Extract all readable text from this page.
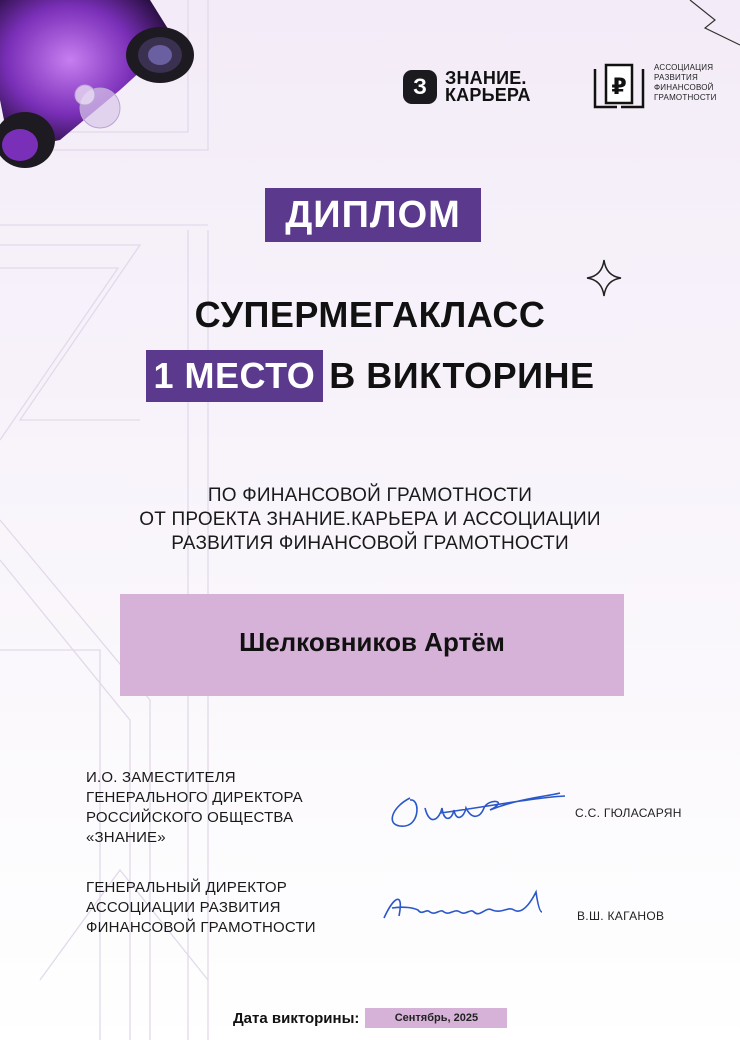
З	ЗНАНИЕ.
КАРЬЕРА	₽
АССОЦИАЦИЯ
РАЗВИТИЯ
ФИНАНСОВОЙ
ГРАМОТНОСТИ
ДИПЛОМ
СУПЕРМЕГАКЛАСС
1 МЕСТО В ВИКТОРИНЕ
ПО ФИНАНСОВОЙ ГРАМОТНОСТИ
ОТ ПРОЕКТА ЗНАНИЕ.КАРЬЕРА И АССОЦИАЦИИ
РАЗВИТИЯ ФИНАНСОВОЙ ГРАМОТНОСТИ
Шелковников Артём
И.О. ЗАМЕСТИТЕЛЯ
ГЕНЕРАЛЬНОГО ДИРЕКТОРА
РОССИЙСКОГО ОБЩЕСТВА
«ЗНАНИЕ»
С.С. ГЮЛАСАРЯН
ГЕНЕРАЛЬНЫЙ ДИРЕКТОР
АССОЦИАЦИИ РАЗВИТИЯ
ФИНАНСОВОЙ ГРАМОТНОСТИ
В.Ш. КАГАНОВ
Дата викторины:	Сентябрь, 2025
